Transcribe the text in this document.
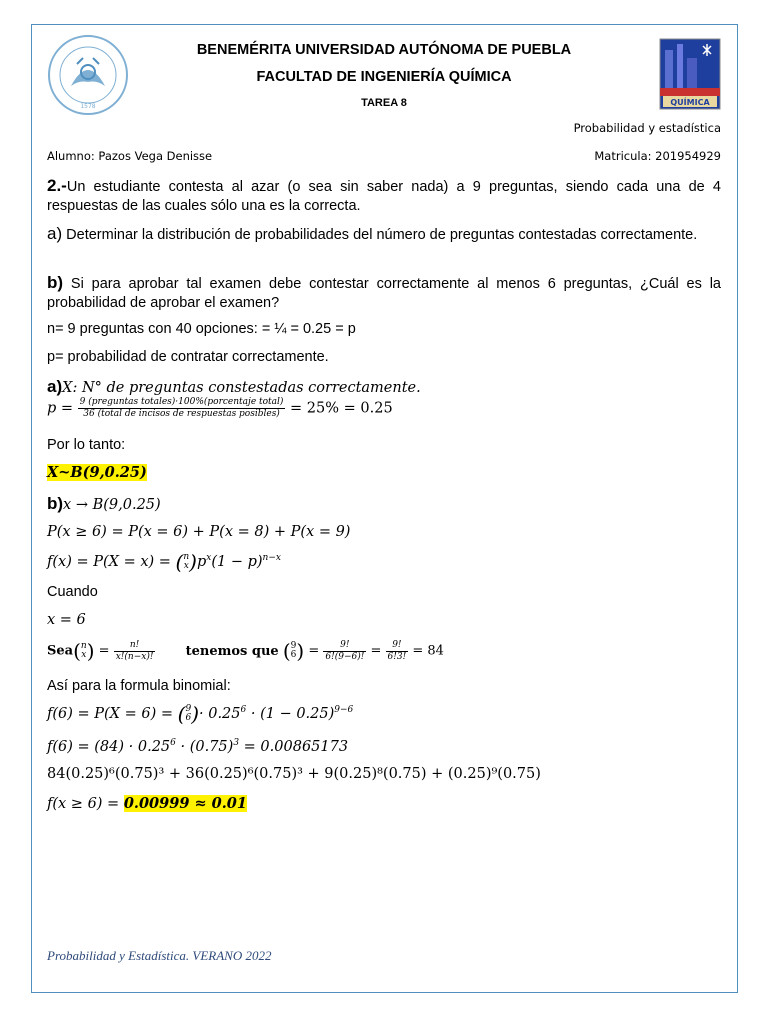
1578	QUÍMICA
BENEMÉRITA UNIVERSIDAD AUTÓNOMA DE PUEBLA
FACULTAD DE INGENIERÍA QUÍMICA
TAREA 8
Probabilidad y estadística
Alumno: Pazos Vega Denisse	Matricula: 201954929
2.-Un estudiante contesta al azar (o sea sin saber nada) a 9 preguntas, siendo cada una de 4 respuestas de las cuales sólo una es la correcta.
a) Determinar la distribución de probabilidades del número de preguntas contestadas correctamente.
b) Si para aprobar tal examen debe contestar correctamente al menos 6 preguntas, ¿Cuál es la probabilidad de aprobar el examen?
n= 9 preguntas con 40 opciones: = ¼ = 0.25 = p
p= probabilidad de contratar correctamente.
a)X: N° de preguntas constestadas correctamente.
$p = \frac{\text{9 (preguntas totales)·100\%(porcentaje total)}}{\text{36 (total de incisos de respuestas posibles)}} = 25\% = 0.25$
Por lo tanto:
X~B(9,0.25)
b)x → B(9,0.25)
P(x ≥ 6) = P(x = 6) + P(x = 8) + P(x = 9)
f(x) = P(X = x) = (n
$x)p^x(1 - p)^{n-x}$
Cuando
x = 6
Sea(n
$x) = \frac{n!}{x!(n-x)!}$ tenemos que (9
$6) = \frac{9!}{6!(9-6)!} = \frac{9!}{6!3!} = 84$
Así para la formula binomial:
f(6) = P(X = 6) = (9
$6)\cdot 0.25^6 \cdot (1 - 0.25)^{9-6}$
$f(6) = (84) \cdot 0.25^6 \cdot (0.75)^3 = 0.00865173$
84(0.25)⁶(0.75)³ + 36(0.25)⁶(0.75)³ + 9(0.25)⁸(0.75) + (0.25)⁹(0.75)
f(x ≥ 6) = 0.00999 ≈ 0.01
Probabilidad y Estadística. VERANO 2022
